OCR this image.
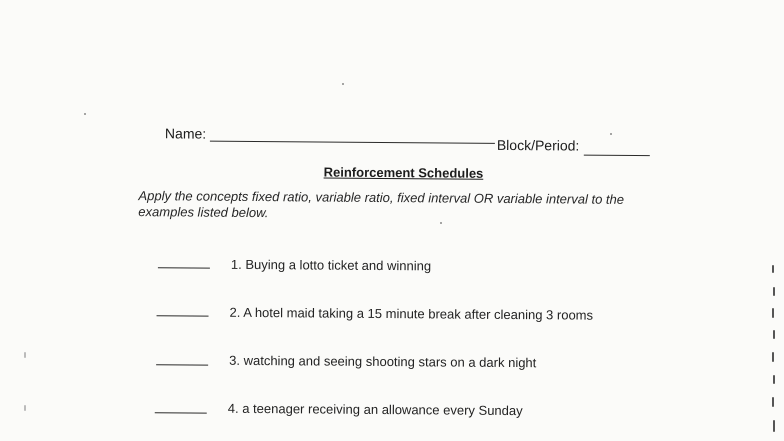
Name:
Block/Period:
Reinforcement Schedules
Apply the concepts fixed ratio, variable ratio, fixed interval OR variable interval to the examples listed below.
1. Buying a lotto ticket and winning
2. A hotel maid taking a 15 minute break after cleaning 3 rooms
3. watching and seeing shooting stars on a dark night
4. a teenager receiving an allowance every Sunday
